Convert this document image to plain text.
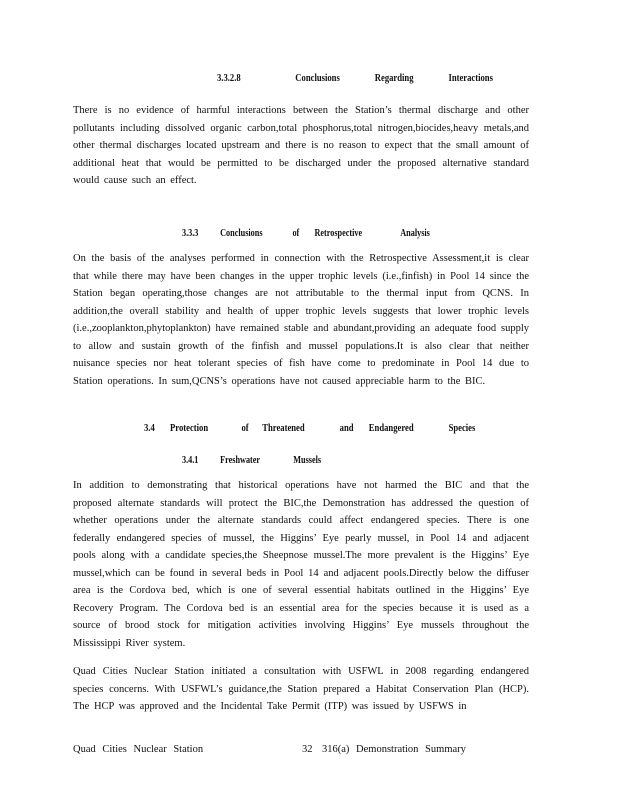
3.3.2.8	Conclusions	Regarding	Interactions

There is no evidence of harmful interactions between the Station’s thermal discharge and other pollutants including dissolved organic carbon,total phosphorus,total nitrogen,biocides,heavy metals,and other thermal discharges located upstream and there is no reason to expect that the small amount of additional heat that would be permitted to be discharged under the proposed alternative standard would cause such an effect.

3.3.3 Conclusions	of Retrospective	Analysis

On the basis of the analyses performed in connection with the Retrospective Assessment,it is clear that while there may have been changes in the upper trophic levels (i.e.,finfish) in Pool 14 since the Station began operating,those changes are not attributable to the thermal input from QCNS. In addition,the overall stability and health of upper trophic levels suggests that lower trophic levels (i.e.,zooplankton,phytoplankton) have remained stable and abundant,providing an adequate food supply to allow and sustain growth of the finfish and mussel populations.It is also clear that neither nuisance species nor heat tolerant species of fish have come to predominate in Pool 14 due to Station operations. In sum,QCNS’s operations have not caused appreciable harm to the BIC.

3.4 Protection	of Threatened	and Endangered	Species
3.4.1 Freshwater	Mussels

In addition to demonstrating that historical operations have not harmed the BIC and that the proposed alternate standards will protect the BIC,the Demonstration has addressed the question of whether operations under the alternate standards could affect endangered species. There is one federally endangered species of mussel, the Higgins’ Eye pearly mussel, in Pool 14 and adjacent pools along with a candidate species,the Sheepnose mussel.The more prevalent is the Higgins’ Eye mussel,which can be found in several beds in Pool 14 and adjacent pools.Directly below the diffuser area is the Cordova bed, which is one of several essential habitats outlined in the Higgins’ Eye Recovery Program. The Cordova bed is an essential area for the species because it is used as a source of brood stock for mitigation activities involving Higgins’ Eye mussels throughout the Mississippi River system.

Quad Cities Nuclear Station initiated a consultation with USFWL in 2008 regarding endangered species concerns. With USFWL’s guidance,the Station prepared a Habitat Conservation Plan (HCP). The HCP was approved and the Incidental Take Permit (ITP) was issued by USFWS in

Quad Cities Nuclear Station	32 316(a) Demonstration Summary
